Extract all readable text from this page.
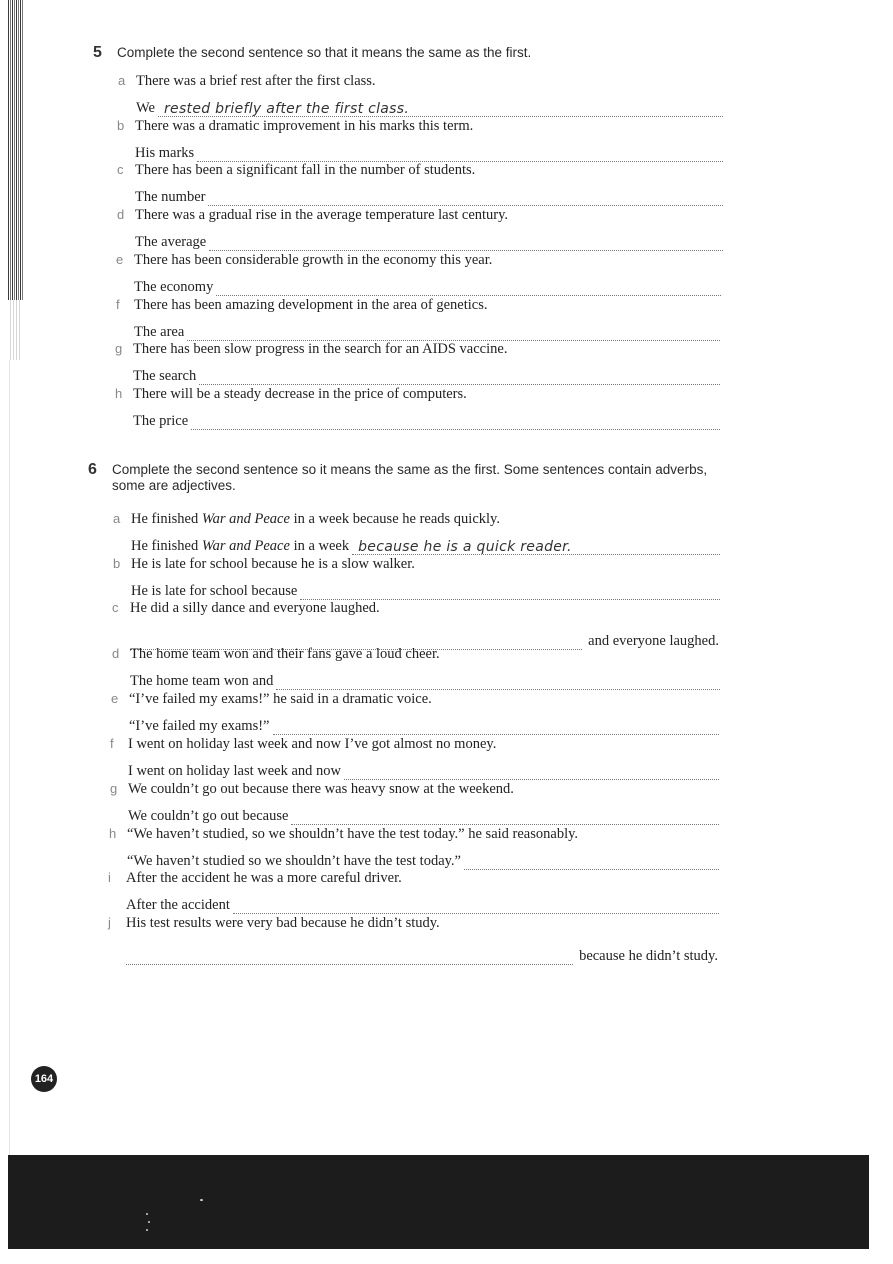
5	Complete the second sentence so that it means the same as the first.
a There was a brief rest after the first class.
We rested briefly after the first class.
b There was a dramatic improvement in his marks this term.
His marks
c There has been a significant fall in the number of students.
The number
d There was a gradual rise in the average temperature last century.
The average
e There has been considerable growth in the economy this year.
The economy
f There has been amazing development in the area of genetics.
The area
g There has been slow progress in the search for an AIDS vaccine.
The search
h There will be a steady decrease in the price of computers.
The price
6	Complete the second sentence so it means the same as the first. Some sentences contain adverbs, some are adjectives.
a He finished War and Peace in a week because he reads quickly.
He finished War and Peace in a week because he is a quick reader.
b He is late for school because he is a slow walker.
He is late for school because
c He did a silly dance and everyone laughed.
and everyone laughed.
d The home team won and their fans gave a loud cheer.
The home team won and
e “I’ve failed my exams!” he said in a dramatic voice.
“I’ve failed my exams!”
f I went on holiday last week and now I’ve got almost no money.
I went on holiday last week and now
g We couldn’t go out because there was heavy snow at the weekend.
We couldn’t go out because
h “We haven’t studied, so we shouldn’t have the test today.” he said reasonably.
“We haven’t studied so we shouldn’t have the test today.”
i	After the accident he was a more careful driver.
After the accident
j	His test results were very bad because he didn’t study.
because he didn’t study.
164
